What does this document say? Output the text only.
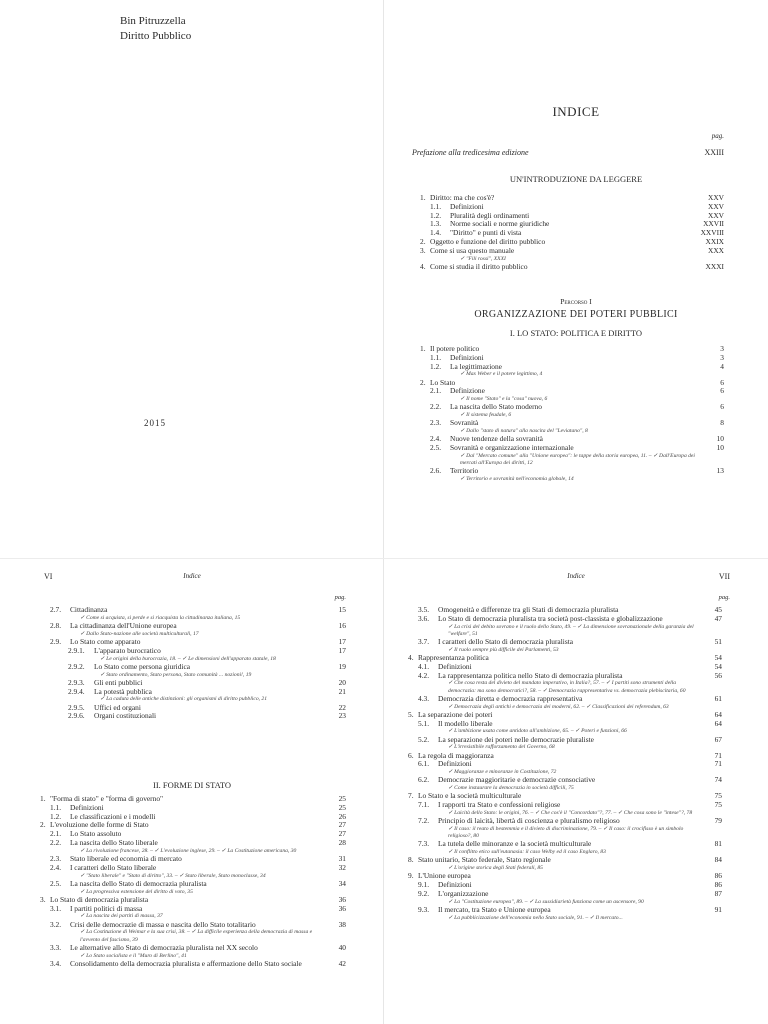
Bin Pitruzzella
Diritto Pubblico
2015
INDICE
pag.
Prefazione alla tredicesima edizione	XXIII
UN'INTRODUZIONE DA LEGGERE
1. Diritto: ma che cos'è?	XXV
1.1.	Definizioni	XXV
1.2.	Pluralità degli ordinamenti	XXV
1.3.	Norme sociali e norme giuridiche	XXVII
1.4.	"Diritto" e punti di vista	XXVIII
2. Oggetto e funzione del diritto pubblico	XXIX
3. Come si usa questo manuale	XXX
✓ "Fili rossi", XXXI
4. Come si studia il diritto pubblico	XXXI
Percorso I
ORGANIZZAZIONE DEI POTERI PUBBLICI
I. LO STATO: POLITICA E DIRITTO
1. Il potere politico	3
1.1.	Definizioni	3
1.2.	La legittimazione	4
✓ Max Weber e il potere legittimo, 4
2. Lo Stato	6
2.1.	Definizione	6
✓ Il nome "Stato" e la "cosa" nuova, 6
2.2.	La nascita dello Stato moderno	6
✓ Il sistema feudale, 6
2.3.	Sovranità	8
✓ Dallo "stato di natura" alla nascita del "Leviatano", 8
2.4.	Nuove tendenze della sovranità	10
2.5.	Sovranità e organizzazione internazionale	10
✓ Dal "Mercato comune" alla "Unione europea": le tappe della storia europea, 11. – ✓ Dall'Europa dei mercati all'Europa dei diritti, 12
2.6.	Territorio	13
✓ Territorio e sovranità nell'economia globale, 14
VI	Indice
pag.
2.7.	Cittadinanza	15
✓ Come si acquista, si perde e si riacquista la cittadinanza italiana, 15
2.8.	La cittadinanza dell'Unione europea	16
✓ Dallo Stato-nazione alle società multiculturali, 17
2.9.	Lo Stato come apparato	17
2.9.1.	L'apparato burocratico	17
✓ Le origini della burocrazia, 18. – ✓ Le dimensioni dell'apparato statale, 18
2.9.2.	Lo Stato come persona giuridica	19
✓ Stato ordinamento, Stato persona, Stato comunità ... nozioni!, 19
2.9.3.	Gli enti pubblici	20
2.9.4.	La potestà pubblica	21
✓ La caduta delle antiche distinzioni: gli organismi di diritto pubblico, 21
2.9.5.	Uffici ed organi	22
2.9.6.	Organi costituzionali	23
II. FORME DI STATO
1. "Forma di stato" e "forma di governo"	25
1.1.	Definizioni	25
1.2.	Le classificazioni e i modelli	26
2. L'evoluzione delle forme di Stato	27
2.1.	Lo Stato assoluto	27
2.2.	La nascita dello Stato liberale	28
✓ La rivoluzione francese, 28. – ✓ L'evoluzione inglese, 29. – ✓ La Costituzione americana, 30
2.3.	Stato liberale ed economia di mercato	31
2.4.	I caratteri dello Stato liberale	32
✓ "Stato liberale" e "Stato di diritto", 33. – ✓ Stato liberale, Stato monoclasse, 34
2.5.	La nascita dello Stato di democrazia pluralista	34
✓ La progressiva estensione del diritto di voto, 35
3. Lo Stato di democrazia pluralista	36
3.1.	I partiti politici di massa	36
✓ La nascita dei partiti di massa, 37
3.2.	Crisi delle democrazie di massa e nascita dello Stato totalitario	38
✓ La Costituzione di Weimar e la sua crisi, 38. – ✓ La difficile esperienza della democrazia di massa e l'avvento del fascismo, 39
3.3.	Le alternative allo Stato di democrazia pluralista nel XX secolo	40
✓ Lo Stato socialista e il "Muro di Berlino", 41
3.4.	Consolidamento della democrazia pluralista e affermazione dello Stato sociale	42
Indice	VII
pag.
3.5.	Omogeneità e differenze tra gli Stati di democrazia pluralista	45
3.6.	Lo Stato di democrazia pluralista tra società post-classista e globalizzazione	47
✓ La crisi del debito sovrano e il ruolo dello Stato, 49. – ✓ La dimensione sovranazionale della garanzia del "welfare", 51
3.7.	I caratteri dello Stato di democrazia pluralista	51
✓ Il ruolo sempre più difficile dei Parlamenti, 53
4. Rappresentanza politica	54
4.1.	Definizioni	54
4.2.	La rappresentanza politica nello Stato di democrazia pluralista	56
✓ Che cosa resta del divieto del mandato imperativo, in Italia?, 57. – ✓ I partiti sono strumenti della democrazia: ma sono democratici?, 58. – ✓ Democrazia rappresentativa vs. democrazia plebiscitaria, 60
4.3.	Democrazia diretta e democrazia rappresentativa	61
✓ Democrazia degli antichi e democrazia dei moderni, 62. – ✓ Classificazioni dei referendum, 63
5. La separazione dei poteri	64
5.1.	Il modello liberale	64
✓ L'ambizione usata come antidoto all'ambizione, 65. – ✓ Poteri e funzioni, 66
5.2.	La separazione dei poteri nelle democrazie pluraliste	67
✓ L'irresistibile rafforzamento del Governo, 68
6. La regola di maggioranza	71
6.1.	Definizioni	71
✓ Maggioranze e minoranze in Costituzione, 72
6.2.	Democrazie maggioritarie e democrazie consociative	74
✓ Come instaurare la democrazia in società difficili, 75
7. Lo Stato e la società multiculturale	75
7.1.	I rapporti tra Stato e confessioni religiose	75
✓ Laicità dello Stato: le origini, 76. – ✓ Che cos'è il "Concordato"?, 77. – ✓ Che cosa sono le "intese"?, 78
7.2.	Principio di laicità, libertà di coscienza e pluralismo religioso	79
✓ Il caso: il reato di bestemmia e il divieto di discriminazione, 79. – ✓ Il caso: il crocifisso è un simbolo religioso?, 80
7.3.	La tutela delle minoranze e la società multiculturale	81
✓ Il conflitto etico sull'eutanasia: il caso Welby ed il caso Englaro, 83
8. Stato unitario, Stato federale, Stato regionale	84
✓ L'origine storica degli Stati federali, 85
9. L'Unione europea	86
9.1.	Definizioni	86
9.2.	L'organizzazione	87
✓ La "Costituzione europea", 89. – ✓ La sussidiarietà funziona come un ascensore, 90
9.3.	Il mercato, tra Stato e Unione europea	91
✓ La pubblicizzazione dell'economia nello Stato sociale, 91. – ✓ Il mercato...
